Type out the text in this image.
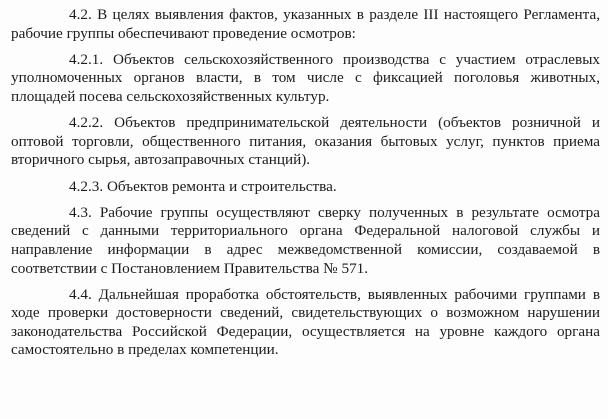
4.2. В целях выявления фактов, указанных в разделе III настоящего Регламента, рабочие группы обеспечивают проведение осмотров:

4.2.1. Объектов сельскохозяйственного производства с участием отраслевых уполномоченных органов власти, в том числе с фиксацией поголовья животных, площадей посева сельскохозяйственных культур.

4.2.2. Объектов предпринимательской деятельности (объектов розничной и оптовой торговли, общественного питания, оказания бытовых услуг, пунктов приема вторичного сырья, автозаправочных станций).

4.2.3. Объектов ремонта и строительства.

4.3. Рабочие группы осуществляют сверку полученных в результате осмотра сведений с данными территориального органа Федеральной налоговой службы и направление информации в адрес межведомственной комиссии, создаваемой в соответствии с Постановлением Правительства № 571.

4.4. Дальнейшая проработка обстоятельств, выявленных рабочими группами в ходе проверки достоверности сведений, свидетельствующих о возможном нарушении законодательства Российской Федерации, осуществляется на уровне каждого органа самостоятельно в пределах компетенции.
